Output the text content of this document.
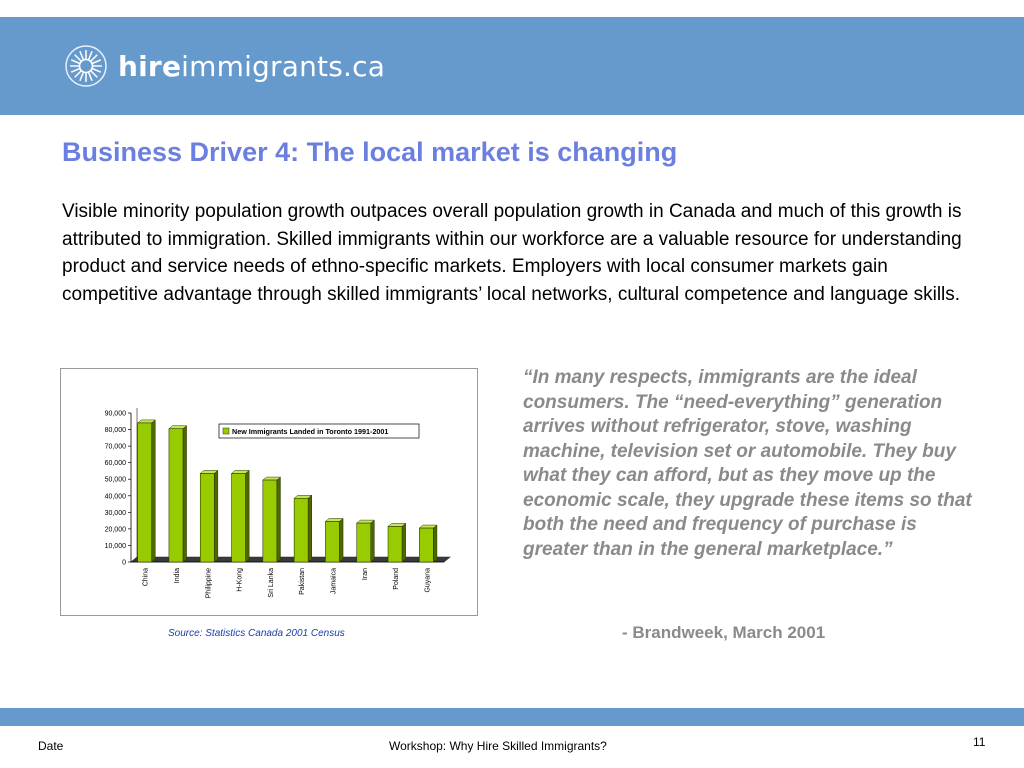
hireimmigrants.ca
Business Driver 4: The local market is changing
Visible minority population growth outpaces overall population growth in Canada and much of this growth is attributed to immigration. Skilled immigrants within our workforce are a valuable resource for understanding product and service needs of ethno-specific markets. Employers with local consumer markets gain competitive advantage through skilled immigrants’ local networks, cultural competence and language skills.
0
10,000
20,000
30,000
40,000
50,000
60,000
70,000
80,000
90,000
China	India	Philippine	H-Kong	Sri Lanka	Pakistan	Jamaica	Iran	Poland	Guyana
New Immigrants Landed in Toronto 1991-2001
Source: Statistics Canada 2001 Census
“In many respects, immigrants are the ideal consumers. The “need-everything” generation arrives without refrigerator, stove, washing machine, television set or automobile. They buy what they can afford, but as they move up the economic scale, they upgrade these items so that both the need and frequency of purchase is greater than in the general marketplace.”
- Brandweek, March 2001
Date	Workshop: Why Hire Skilled Immigrants?	11
